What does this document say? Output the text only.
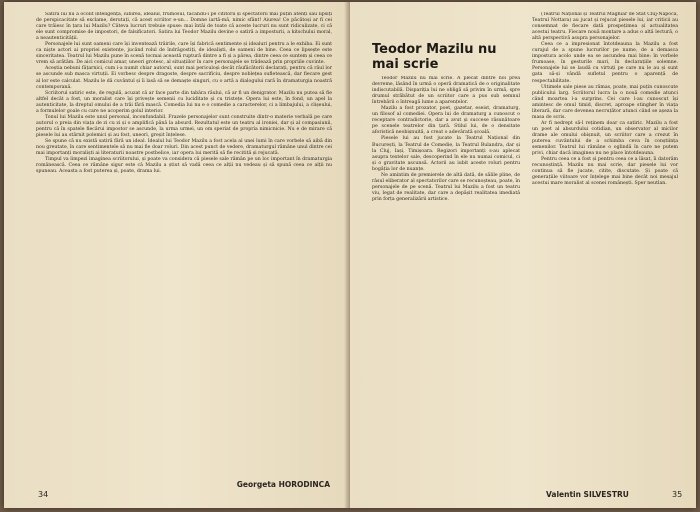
Satira lui nu a ocolit inteligența, iubirea, idealul, frumosul, făcându-i pe cititorii și spectatorii mai puțin atenți sau lipsiți de perspicacitate să exclame, derutați, că acest scriitor e-un... Domne iartă-mă, nimic sfânt! Aiurea! Ce păcătoși ar fi cei care trăiesc în țara lui Mazilu? Câteva lucruri trebuie spuse: mai întâi de toate că aceste lucruri nu sunt ridiculizate, ci că ele sunt compromise de impostori, de falsificatori. Satira lui Teodor Mazilu devine o satiră a imposturii, a kitschului moral, a neautenticității.

Personajele lui sunt oameni care își inventează trăirile, care își fabrică sentimente și idealuri pentru a le exhiba. Ei sunt ca niște actori ai propriei existențe, jucând rolul de îndrăgostiți, de idealiști, de oameni de bine. Ceea ce lipsește este sinceritatea. Teatrul lui Mazilu pune în scenă tocmai această ruptură dintre a fi și a părea, dintre ceea ce suntem și ceea ce vrem să arătăm. De aici comicul amar, uneori grotesc, al situațiilor în care personajele se trădează prin propriile cuvinte.

Aceștia nebuni fățarnici, cum i-a numit chiar autorul, sunt mai periculoși decât răufăcătorii declarați, pentru că răul lor se ascunde sub masca virtuții. Ei vorbesc despre dragoste, despre sacrificiu, despre noblețea sufletească, dar fiecare gest al lor este calculat. Mazilu le dă cuvântul și îi lasă să se demaște singuri, cu o artă a dialogului rară în dramaturgia noastră contemporană.

Scriitorul satiric este, de regulă, acuzat că ar face parte din tabăra răului, că ar fi un denigrator. Mazilu nu putea să fie altfel decât a fost, un moralist care își privește semenii cu luciditate și cu tristețe. Opera lui este, în fond, un apel la autenticitate, la dreptul omului de a trăi fără mască. Comedia lui nu e o comedie a caracterelor, ci a limbajului, a clișeului, a formulelor goale cu care ne acoperim golul interior.

Tonul lui Mazilu este unul personal, inconfundabil. Frazele personajelor sunt construite dintr-o materie verbală pe care autorul o preia din viața de zi cu zi și o amplifică până la absurd. Rezultatul este un teatru al ironiei, dar și al compasiunii, pentru că în spatele fiecărui impostor se ascunde, la urma urmei, un om speriat de propria nimicnicie. Nu e de mirare că piesele lui au stârnit polemici și au fost, uneori, greșit înțelese.

Se spune că nu există satiră fără un ideal. Idealul lui Teodor Mazilu a fost acela al unei lumi în care vorbele să aibă din nou greutate, în care sentimentele să nu mai fie doar roluri. Din acest punct de vedere, dramaturgul rămâne unul dintre cei mai importanți moraliști ai literaturii noastre postbelice, iar opera lui merită să fie recitită și rejucată.

Timpul va limpezi imaginea scriitorului, și poate va considera că piesele sale rămân pe un loc important în dramaturgia românească. Ceea ce rămâne sigur este că Mazilu a știut să vadă ceea ce alții nu vedeau și să spună ceea ce alții nu spuneau. Aceasta a fost puterea și, poate, drama lui.

Georgeta HORODINCA
34
Teodor Mazilu nu mai scrie

Teodor Mazilu nu mai scrie. A plecat dintre noi prea devreme, lăsând în urmă o operă dramatică de o originalitate indiscutabilă. Dispariția lui ne obligă să privim în urmă, spre drumul străbătut de un scriitor care a pus sub semnul întrebării o întreagă lume a aparențelor.

Mazilu a fost prozator, poet, gazetar, eseist, dramaturg, un filosof al comediei. Opera lui de dramaturg a cunoscut o receptare contradictorie, dar a avut și succese răsunătoare pe scenele teatrelor din țară. Stilul lui, de o densitate aforistică neobișnuită, a creat o adevărată școală.

Piesele lui au fost jucate la Teatrul Național din București, la Teatrul de Comedie, la Teatrul Bulandra, dar și la Cluj, Iași, Timișoara. Regizori importanți s-au aplecat asupra textelor sale, descoperind în ele nu numai comicul, ci și o gravitate ascunsă. Actorii au iubit aceste roluri pentru bogăția lor de nuanțe.

Ne amintim de premierele de altă dată, de sălile pline, de râsul eliberator al spectatorilor care se recunoșteau, poate, în personajele de pe scenă. Teatrul lui Mazilu a fost un teatru viu, legat de realitate, dar care a depășit realitatea imediată prin forța generalizării artistice.

(Teatrul Național și Teatrul Maghiar de Stat Cluj-Napoca, Teatrul Nottara) au jucat și rejucat piesele lui, iar criticii au consemnat de fiecare dată prospețimea și actualitatea acestui teatru. Fiecare nouă montare a adus o altă lectură, o altă perspectivă asupra personajelor.

Ceea ce a impresionat întotdeauna la Mazilu a fost curajul de a spune lucrurilor pe nume, de a demasca impostura acolo unde ea se ascundea mai bine: în vorbele frumoase, în gesturile mari, în declarațiile solemne. Personajele lui se laudă cu virtuți pe care nu le au și sunt gata să-și vândă sufletul pentru o aparență de respectabilitate.

Ultimele sale piese au rămas, poate, mai puțin cunoscute publicului larg. Scriitorul lucra la o nouă comedie atunci când moartea l-a surprins. Cei care l-au cunoscut își amintesc de omul timid, discret, aproape stingher în viața literară, dar care devenea necruțător atunci când se așeza la masa de scris.

Ar fi nedrept să-l reținem doar ca satiric. Mazilu a fost un poet al absurdului cotidian, un observator al micilor drame ale omului obișnuit, un scriitor care a crezut în puterea cuvântului de a schimba ceva în conștiința semenilor. Teatrul lui rămâne o oglindă în care ne putem privi, chiar dacă imaginea nu ne place întotdeauna.

Pentru ceea ce a fost și pentru ceea ce a lăsat, îi datorăm recunoștință. Mazilu nu mai scrie, dar piesele lui vor continua să fie jucate, citite, discutate. Și poate că generațiile viitoare vor înțelege mai bine decât noi mesajul acestui mare moralist al scenei românești. Sper neutlan.

Valentin SILVESTRU	35
